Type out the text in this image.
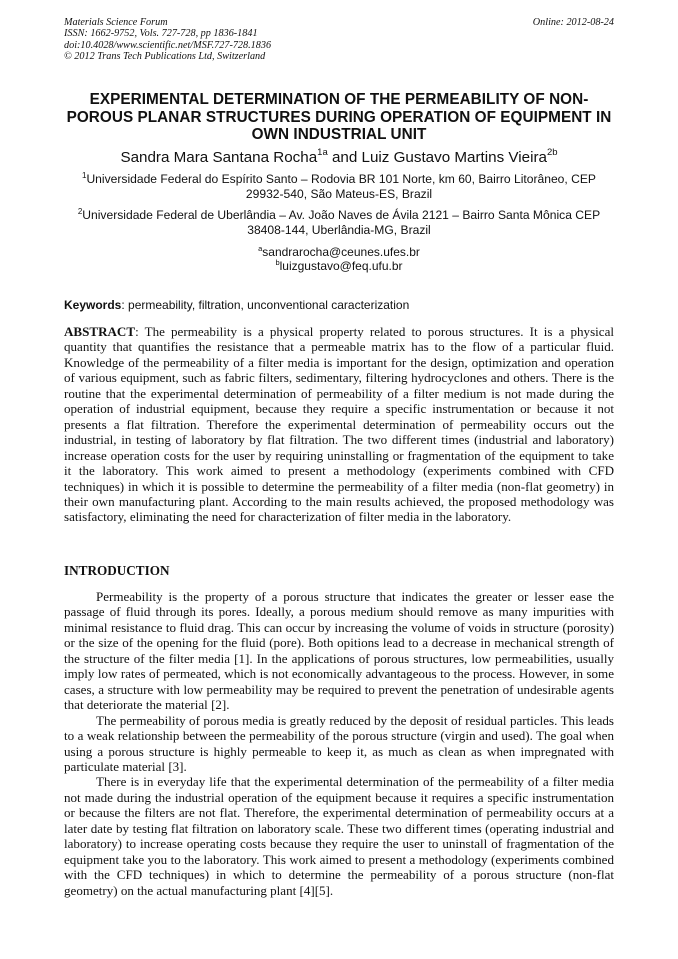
Materials Science Forum
ISSN: 1662-9752, Vols. 727-728, pp 1836-1841
doi:10.4028/www.scientific.net/MSF.727-728.1836
© 2012 Trans Tech Publications Ltd, Switzerland
Online: 2012-08-24
EXPERIMENTAL DETERMINATION OF THE PERMEABILITY OF NON-POROUS PLANAR STRUCTURES DURING OPERATION OF EQUIPMENT IN OWN INDUSTRIAL UNIT
Sandra Mara Santana Rocha$^{1a}$ and Luiz Gustavo Martins Vieira$^{2b}$
$^1$Universidade Federal do Espírito Santo – Rodovia BR 101 Norte, km 60, Bairro Litorâneo, CEP 29932-540, São Mateus-ES, Brazil
$^2$Universidade Federal de Uberlândia – Av. João Naves de Ávila 2121 – Bairro Santa Mônica CEP 38408-144, Uberlândia-MG, Brazil
$^a$sandrarocha@ceunes.ufes.br
$^b$luizgustavo@feq.ufu.br
Keywords: permeability, filtration, unconventional caracterization
ABSTRACT: The permeability is a physical property related to porous structures. It is a physical quantity that quantifies the resistance that a permeable matrix has to the flow of a particular fluid. Knowledge of the permeability of a filter media is important for the design, optimization and operation of various equipment, such as fabric filters, sedimentary, filtering hydrocyclones and others. There is the routine that the experimental determination of permeability of a filter medium is not made during the operation of industrial equipment, because they require a specific instrumentation or because it not presents a flat filtration. Therefore the experimental determination of permeability occurs out the industrial, in testing of laboratory by flat filtration. The two different times (industrial and laboratory) increase operation costs for the user by requiring uninstalling or fragmentation of the equipment to take it the laboratory. This work aimed to present a methodology (experiments combined with CFD techniques) in which it is possible to determine the permeability of a filter media (non-flat geometry) in their own manufacturing plant. According to the main results achieved, the proposed methodology was satisfactory, eliminating the need for characterization of filter media in the laboratory.
INTRODUCTION

Permeability is the property of a porous structure that indicates the greater or lesser ease the passage of fluid through its pores. Ideally, a porous medium should remove as many impurities with minimal resistance to fluid drag. This can occur by increasing the volume of voids in structure (porosity) or the size of the opening for the fluid (pore). Both opitions lead to a decrease in mechanical strength of the structure of the filter media [1]. In the applications of porous structures, low permeabilities, usually imply low rates of permeated, which is not economically advantageous to the process. However, in some cases, a structure with low permeability may be required to prevent the penetration of undesirable agents that deteriorate the material [2].

The permeability of porous media is greatly reduced by the deposit of residual particles. This leads to a weak relationship between the permeability of the porous structure (virgin and used). The goal when using a porous structure is highly permeable to keep it, as much as clean as when impregnated with particulate material [3].

There is in everyday life that the experimental determination of the permeability of a filter media not made during the industrial operation of the equipment because it requires a specific instrumentation or because the filters are not flat. Therefore, the experimental determination of permeability occurs at a later date by testing flat filtration on laboratory scale. These two different times (operating industrial and laboratory) to increase operating costs because they require the user to uninstall of fragmentation of the equipment take you to the laboratory. This work aimed to present a methodology (experiments combined with the CFD techniques) in which to determine the permeability of a porous structure (non-flat geometry) on the actual manufacturing plant [4][5].
